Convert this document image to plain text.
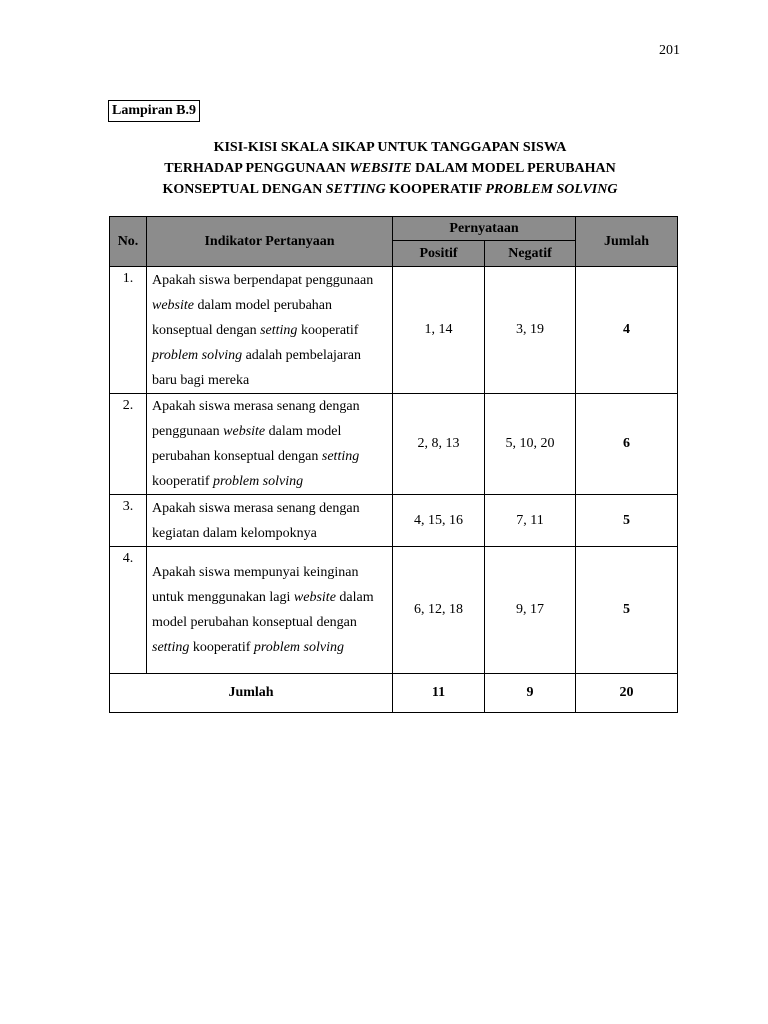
201
Lampiran B.9
KISI-KISI SKALA SIKAP UNTUK TANGGAPAN SISWA
TERHADAP PENGGUNAAN WEBSITE DALAM MODEL PERUBAHAN
KONSEPTUAL DENGAN SETTING KOOPERATIF PROBLEM SOLVING
No.	Indikator Pertanyaan	Pernyataan		Jumlah
		Positif	Negatif	
1.	Apakah siswa berpendapat penggunaan website dalam model perubahan konseptual dengan setting kooperatif problem solving adalah pembelajaran baru bagi mereka	1, 14	3, 19	4
2.	Apakah siswa merasa senang dengan penggunaan website dalam model perubahan konseptual dengan setting kooperatif problem solving	2, 8, 13	5, 10, 20	6
3.	Apakah siswa merasa senang dengan kegiatan dalam kelompoknya	4, 15, 16	7, 11	5
4.	Apakah siswa mempunyai keinginan untuk menggunakan lagi website dalam model perubahan konseptual dengan setting kooperatif problem solving	6, 12, 18	9, 17	5
Jumlah		11	9	20
